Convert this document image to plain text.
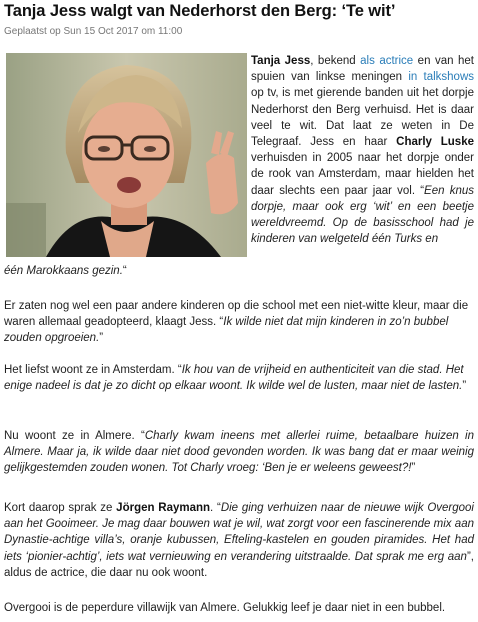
Tanja Jess walgt van Nederhorst den Berg: ‘Te wit’
Geplaatst op Sun 15 Oct 2017 om 11:00
Tanja Jess, bekend als actrice en van het spuien van linkse meningen in talkshows op tv, is met gierende banden uit het dorpje Nederhorst den Berg verhuisd. Het is daar veel te wit. Dat laat ze weten in De Telegraaf. Jess en haar Charly Luske verhuisden in 2005 naar het dorpje onder de rook van Amsterdam, maar hielden het daar slechts een paar jaar vol. “Een knus dorpje, maar ook erg ‘wit’ en een beetje wereldvreemd. Op de basisschool had je kinderen van welgeteld één Turks en
één Marokkaans gezin.“
Er zaten nog wel een paar andere kinderen op die school met een niet-witte kleur, maar die waren allemaal geadopteerd, klaagt Jess. “Ik wilde niet dat mijn kinderen in zo’n bubbel zouden opgroeien.”
Het liefst woont ze in Amsterdam. “Ik hou van de vrijheid en authenticiteit van die stad. Het enige nadeel is dat je zo dicht op elkaar woont. Ik wilde wel de lusten, maar niet de lasten.”
Nu woont ze in Almere. “Charly kwam ineens met allerlei ruime, betaalbare huizen in Almere. Maar ja, ik wilde daar niet dood gevonden worden. Ik was bang dat er maar weinig gelijkgestemden zouden wonen. Tot Charly vroeg: ‘Ben je er weleens geweest?!”
Kort daarop sprak ze Jörgen Raymann. “Die ging verhuizen naar de nieuwe wijk Overgooi aan het Gooimeer. Je mag daar bouwen wat je wil, wat zorgt voor een fascinerende mix aan Dynastie-achtige villa’s, oranje kubussen, Efteling-kastelen en gouden piramides. Het had iets ‘pionier-achtig’, iets wat vernieuwing en verandering uitstraalde. Dat sprak me erg aan”, aldus de actrice, die daar nu ook woont.
Overgooi is de peperdure villawijk van Almere. Gelukkig leef je daar niet in een bubbel.
